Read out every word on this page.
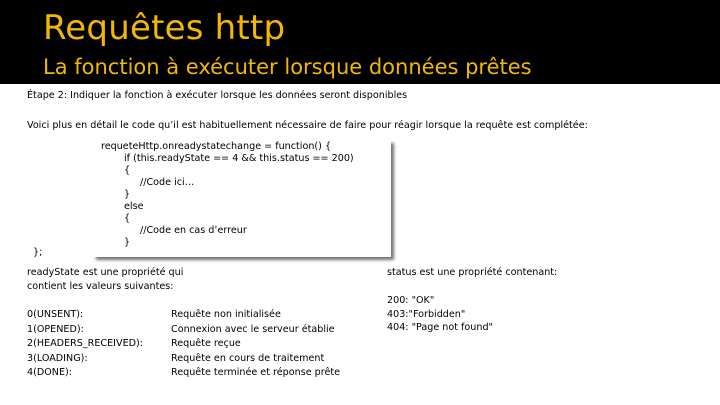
Requêtes http
La fonction à exécuter lorsque données prêtes
Étape 2: Indiquer la fonction à exécuter lorsque les données seront disponibles
Voici plus en détail le code qu’il est habituellement nécessaire de faire pour réagir lorsque la requête est complétée:
requeteHttp.onreadystatechange = function() {
if (this.readyState == 4 && this.status == 200)
{
//Code ici…
}
else
{
//Code en cas d’erreur
}
};
readyState est une propriété qui
contient les valeurs suivantes:
0(UNSENT):
1(OPENED):
2(HEADERS_RECEIVED):
3(LOADING):
4(DONE):
Requête non initialisée
Connexion avec le serveur établie
Requête reçue
Requête en cours de traitement
Requête terminée et réponse prête
status est une propriété contenant:
200: "OK"
403:"Forbidden"
404: "Page not found"
